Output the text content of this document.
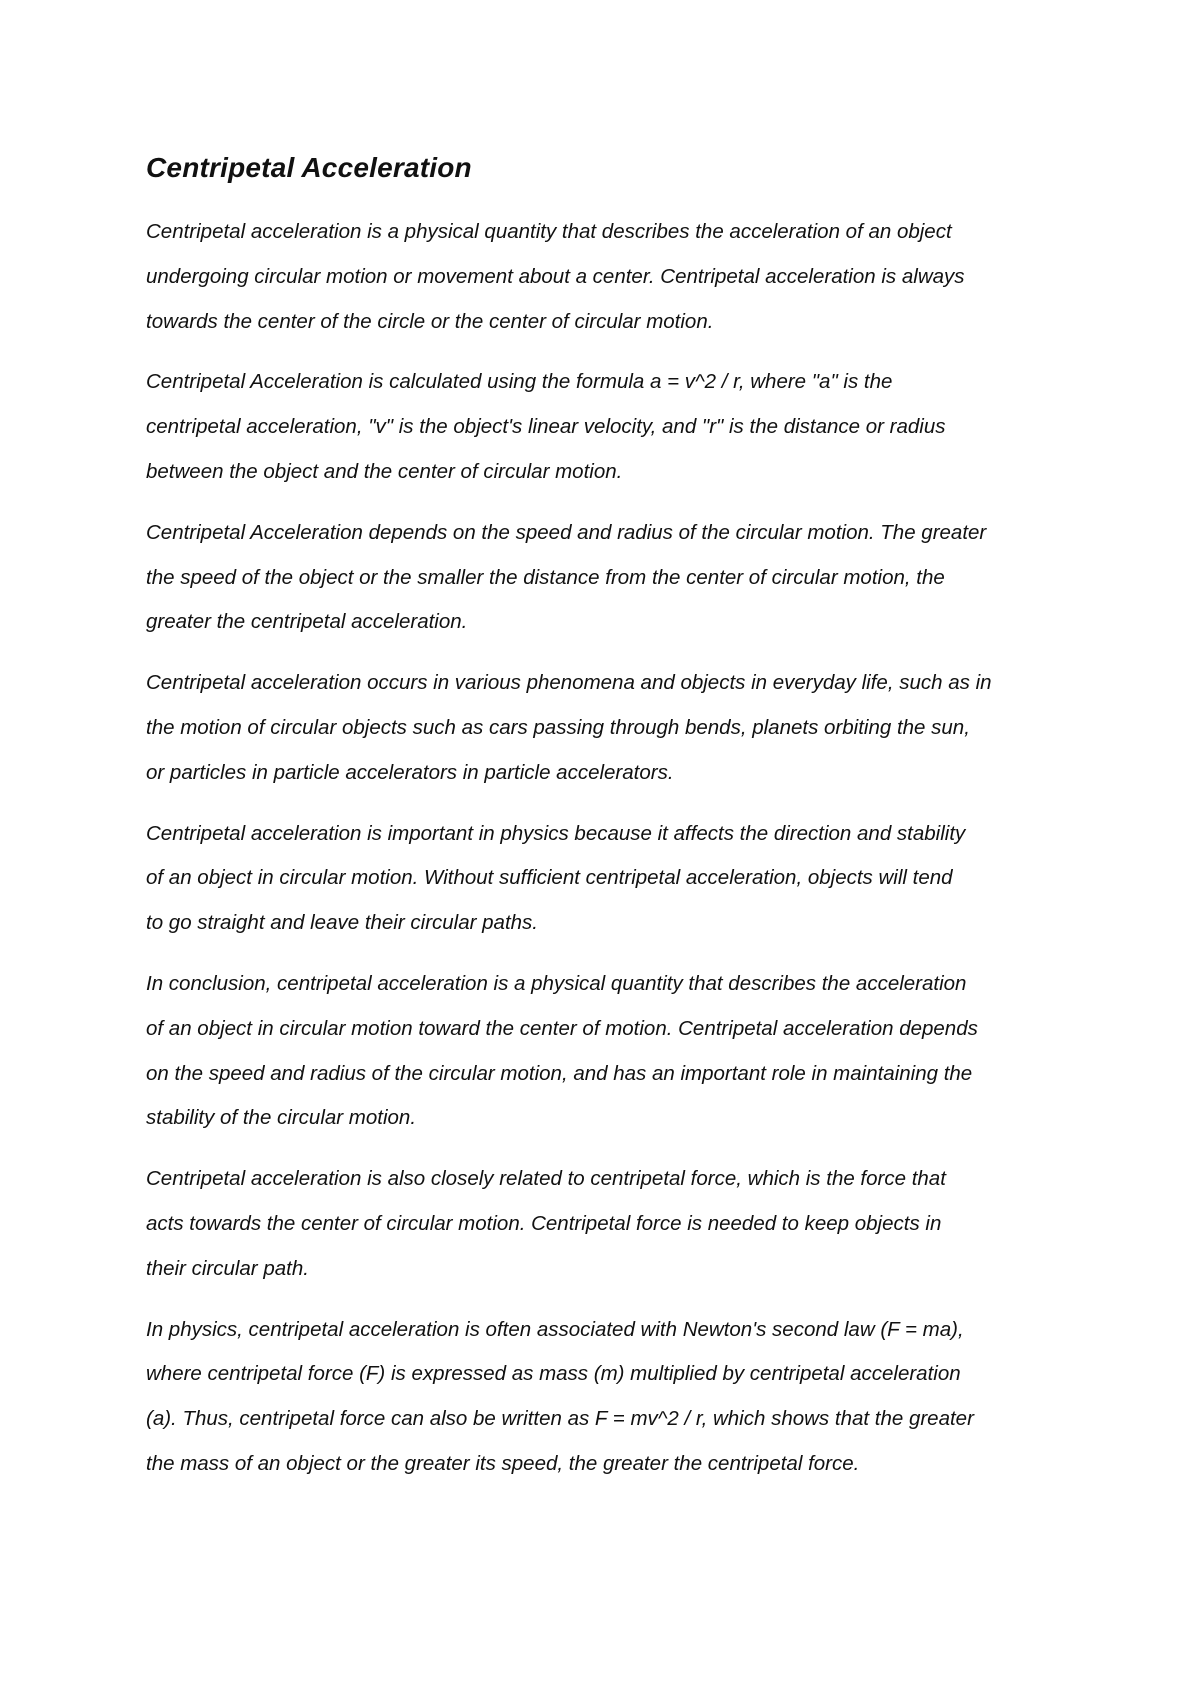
Centripetal Acceleration

Centripetal acceleration is a physical quantity that describes the acceleration of an object
undergoing circular motion or movement about a center. Centripetal acceleration is always
towards the center of the circle or the center of circular motion.

Centripetal Acceleration is calculated using the formula a = v^2 / r, where "a" is the
centripetal acceleration, "v" is the object's linear velocity, and "r" is the distance or radius
between the object and the center of circular motion.

Centripetal Acceleration depends on the speed and radius of the circular motion. The greater
the speed of the object or the smaller the distance from the center of circular motion, the
greater the centripetal acceleration.

Centripetal acceleration occurs in various phenomena and objects in everyday life, such as in
the motion of circular objects such as cars passing through bends, planets orbiting the sun,
or particles in particle accelerators in particle accelerators.

Centripetal acceleration is important in physics because it affects the direction and stability
of an object in circular motion. Without sufficient centripetal acceleration, objects will tend
to go straight and leave their circular paths.

In conclusion, centripetal acceleration is a physical quantity that describes the acceleration
of an object in circular motion toward the center of motion. Centripetal acceleration depends
on the speed and radius of the circular motion, and has an important role in maintaining the
stability of the circular motion.

Centripetal acceleration is also closely related to centripetal force, which is the force that
acts towards the center of circular motion. Centripetal force is needed to keep objects in
their circular path.

In physics, centripetal acceleration is often associated with Newton's second law (F = ma),
where centripetal force (F) is expressed as mass (m) multiplied by centripetal acceleration
(a). Thus, centripetal force can also be written as F = mv^2 / r, which shows that the greater
the mass of an object or the greater its speed, the greater the centripetal force.
